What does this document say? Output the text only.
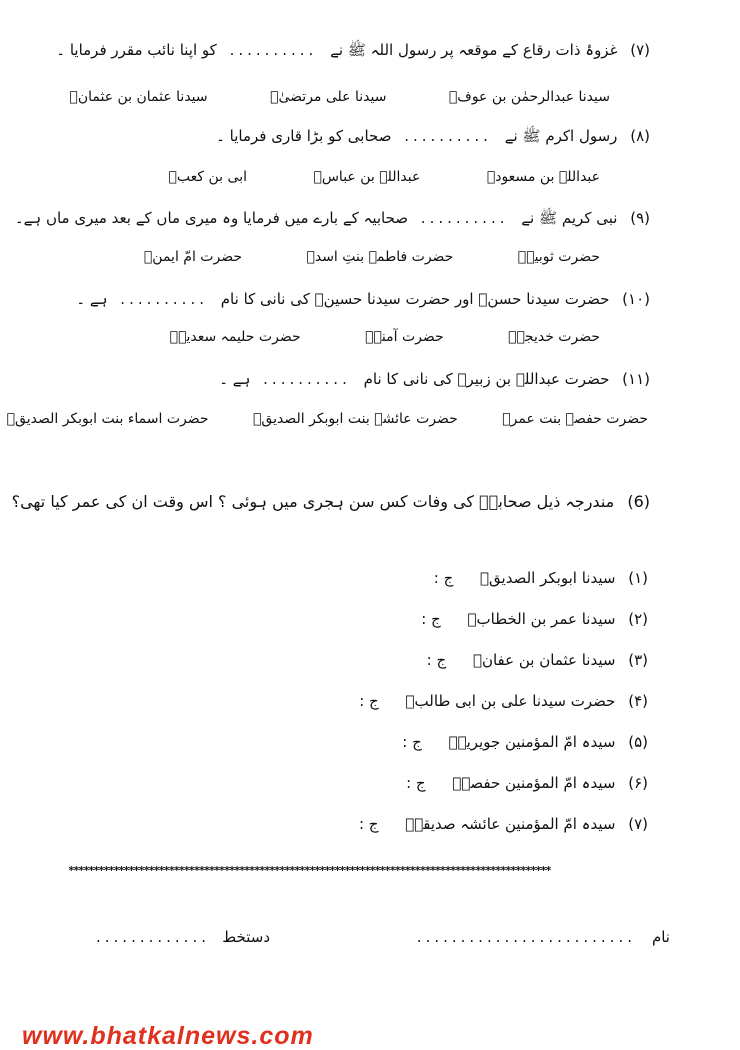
(۷) غزوۂ ذات رقاع کے موقعہ پر رسول اللہ ﷺ نے .......... کو اپنا نائب مقرر فرمایا ۔
سیدنا عبدالرحمٰن بن عوفؓ سیدنا علی مرتضیٰؓ سیدنا عثمان بن عثمانؓ
(۸) رسول اکرم ﷺ نے .......... صحابی کو بڑا قاری فرمایا ۔
عبداللہ بن مسعودؓ عبداللہ بن عباسؓ ابی بن کعبؓ
(۹) نبی کریم ﷺ نے .......... صحابیہ کے بارے میں فرمایا وہ میری ماں کے بعد میری ماں ہے۔
حضرت ثوبیہؓ حضرت فاطمہ بنتِ اسدؓ حضرت امّ ایمنؓ
(۱۰) حضرت سیدنا حسنؓ اور حضرت سیدنا حسینؓ کی نانی کا نام .......... ہے ۔
حضرت خدیجہؓ حضرت آمنہؓ حضرت حلیمہ سعدیہؓ
(۱۱) حضرت عبداللہ بن زبیرؓ کی نانی کا نام .......... ہے ۔
حضرت حفصہ بنت عمرؓ حضرت عائشہ بنت ابوبکر الصدیقؓ حضرت اسماء بنت ابوبکر الصدیقؓ
(6) مندرجہ ذیل صحابہؓ کی وفات کس سن ہجری میں ہوئی ؟ اس وقت ان کی عمر کیا تھی؟
(۱) سیدنا ابوبکر الصدیقؓ ج :
(۲) سیدنا عمر بن الخطابؓ ج :
(۳) سیدنا عثمان بن عفانؓ ج :
(۴) حضرت سیدنا علی بن ابی طالبؓ ج :
(۵) سیدہ امّ المؤمنین جویریہؓ ج :
(۶) سیدہ امّ المؤمنین حفصہؓ ج :
(۷) سیدہ امّ المؤمنین عائشہ صدیقہؓ ج :
************************************************************************************************
نام
.........................
دستخط
.............
www.bhatkalnews.com
